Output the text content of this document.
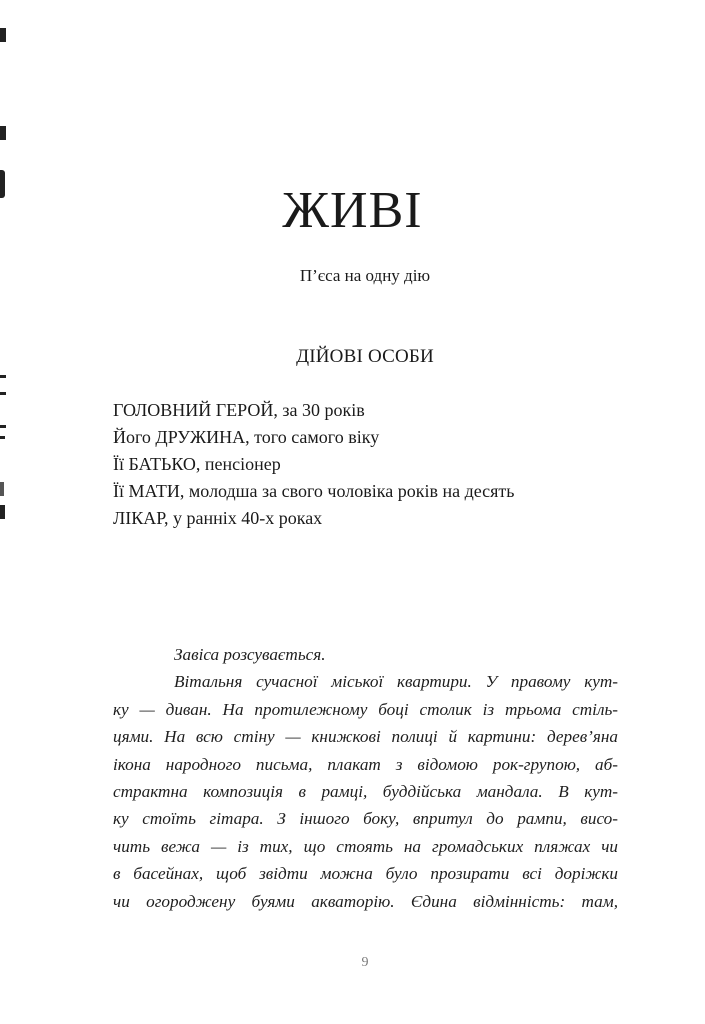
ЖИВІ
П’єса на одну дію
ДІЙОВІ ОСОБИ
ГОЛОВНИЙ ГЕРОЙ, за 30 років
Його ДРУЖИНА, того самого віку
Її БАТЬКО, пенсіонер
Її МАТИ, молодша за свого чоловіка років на десять
ЛІКАР, у ранніх 40-х роках
Завіса розсувається.
Вітальня сучасної міської квартири. У правому кут-
ку — диван. На протилежному боці столик із трьома стіль-
цями. На всю стіну — книжкові полиці й картини: дерев’яна
ікона народного письма, плакат з відомою рок-групою, аб-
страктна композиція в рамці, буддійська мандала. В кут-
ку стоїть гітара. З іншого боку, впритул до рампи, висо-
чить вежа — із тих, що стоять на громадських пляжах чи
в басейнах, щоб звідти можна було прозирати всі доріжки
чи огороджену буями акваторію. Єдина відмінність: там,
9
